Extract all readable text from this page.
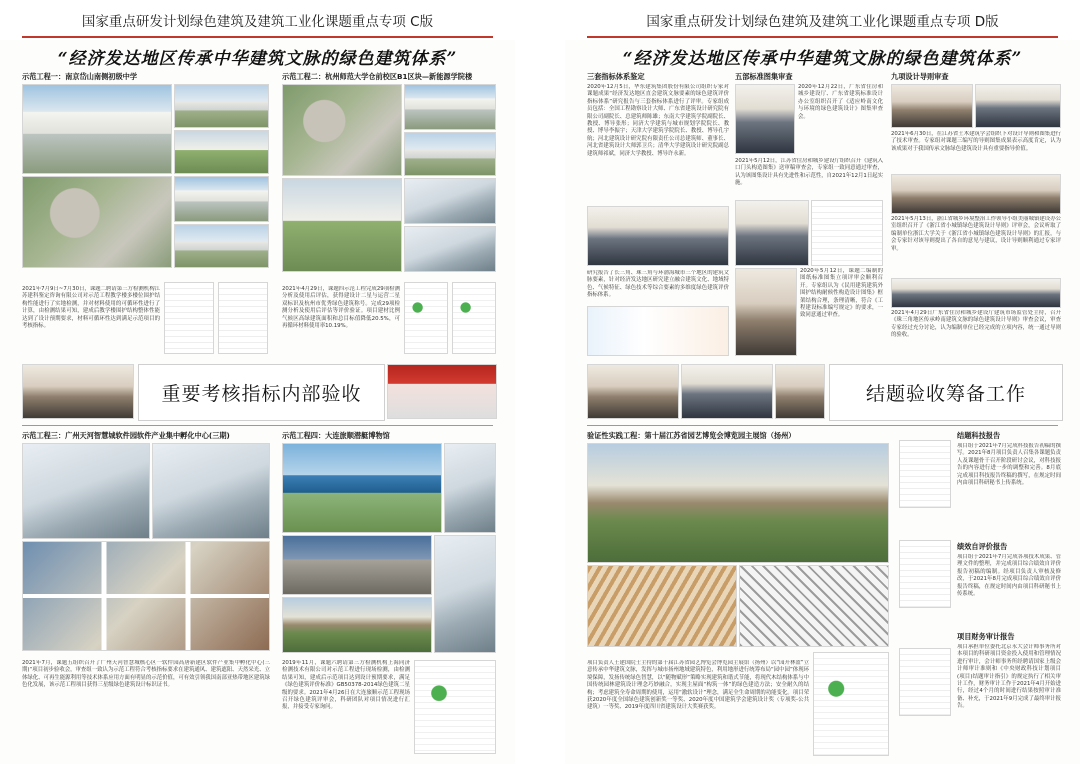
国家重点研发计划绿色建筑及建筑工业化课题重点专项 C版
“经济发达地区传承中华建筑文脉的绿色建筑体系”
示范工程一：南京岱山南侧初级中学
2021年7月9日~7月30日，课题二聘请第三方检测机构江苏建科鉴定咨询有限公司对示范工程教学楼多楼位围护结构性能进行了实地检测，并对材料使用的可循环性进行了计算，由检测结果可知，建成后教学楼围护结构整体性能达到了设计预期要求，材料可循环性达到满足示范项目的考核指标。
示范工程二：杭州师范大学仓前校区B1区块—新能源学院楼
2021年4月29日，课题四示范工程完成29项检测分析及使用后评估，获得建设计二星与运营二星双标识及杭州市优秀绿色建筑称号。完成29项检测分析及使用后评估等评价验证。项目建材比例气候区高绿建筑面积和总目标值降低20.5%，可再循环材料使用率10.19%。
重要考核指标内部验收
示范工程三：广州天河智慧城软件园软件产业集中孵化中心(三期)
2021年7月，课题五组织召开了广州天河智慧城核心区一软件园高唐新建区软件产业集中孵化中心(三期)“项目初步验收会，审查组一致认为示范工程符合考核指标要求在建筑通风、建筑遮阳、天然采光、立体绿化、可再生能源利用等技术体系应用方面有明显的示范价值，可有效引领我国南部亚热带地区建筑绿色化发展，该示范工程项目获得三星级绿色建筑设计标识证书。
示范工程四：大连旅顺潜艇博物馆
2019年11月，课题六聘请第三方检测机构上海同济检测技术有限公司对示范工程进行现场检测，由检测结果可知，建成后示范项目达到设计预期要求，满足《绿色建筑评价标准》GB50378-2014绿色建筑二星级的要求。2021年4月26日在大连旅顺示范工程现场召开绿色建筑评审会，科研团队对项目情况进行汇报，并接受专家询问。
国家重点研发计划绿色建筑及建筑工业化课题重点专项 D版
“经济发达地区传承中华建筑文脉的绿色建筑体系”
三套指标体系鉴定
2020年12月5日，华东建筑集团股份有限公司组织专家对课题成果“经济发达地区直会建筑文脉要素的绿色建筑评价指标体系”研究报告与三套指标体系进行了评审。专家组成员包括：全国工程勘察设计大师、广东省建筑设计研究院有限公司副院长、总建筑师陈雄；东南大学建筑学院副院长、教授、博导张彤；同济大学建筑与城市规划学院院长、教授、博导李振宇；天津大学建筑学院院长、教授、博导孔宇航；河北建筑设计研究院有限责任公司总建筑师、董事长、河北省建筑设计大师郭卫兵；清华大学建筑设计研究院副总建筑师祁斌，同济大学教授、博导许永新。
研究报告了长三角、珠三角与环渤海城市三个地区的建筑文脉要素，针对经济发达地区研究建立融合建筑文化、地域特色、气候特征、绿色技术等综合要素的多维度绿色建筑评价指标体系。
五部标准图集审查
2020年12月22日，广东省住房和城乡建设厅、广东省建筑标准设计办公室组织召开了《适应岭南文化与环境的绿色建筑设计》图集审查会。
2021年5月12日，江苏省住房和城乡建设厅组织召开《建筑入口门头构造图集》送审稿审查会，专家组一致同意通过审查，认为该图集设计具有先进性和示范性，自2021年12月1日起实施。
2020年5月12日，课题二编制的图纸标准图集立项评审会顺利召开。专家组认为《民用建筑建筑外围护结构耐候性构造设计图集》框架结构合理，条理清晰，符合《工程建设标准编写规定》的要求，一致同意通过审查。
九项设计导则审查
2021年6月30日，在江苏省土木建筑学会组织下对设计导则和图集进行了技术审查。专家组对课题三编写的导则图集成果表示高度肯定，认为该成果对于我国传承文脉绿色建筑设计具有重要指导价值。
2021年5月13日，浙江省城乡环境整治工作领导小组美丽城镇建设办公室组织召开了《浙江省小城镇绿色建筑设计导则》评审会，会议听取了编制单位浙江大学关于《浙江省小城镇绿色建筑设计导则》的汇报，与会专家针对该导则提出了各自的意见与建议，设计导则顺利通过专家评审。
2021年4月29日广东省住房和城乡建设厅建筑市场监管处主持，召开《珠三角地区传承岭南建筑文脉的绿色建筑设计导则》审查会议，审查专家经过充分讨论，认为编制单位已经完成的立项内容，统一通过导则的验收。
结题验收筹备工作
验证性实践工程：第十届江苏省园艺博览会博览园主展馆（扬州）
项目负责人王建国院士主持的第十届江苏省园艺博览会博览园主展馆（扬州）以“园开林盈”立意传承中华建筑文脉，发挥与城市扬州地域建筑特色，利用地形进行统筹布局“园中园”体现环境保障，发扬传统绿色智慧，以“随物赋形”策略实现建筑和谐式节能，将现代木结构体系与中国传统园林建筑设计理念巧妙融合，实现主屋面“构筑一体”的绿色建造方法；安全耐久的结构；考虑建筑全寿命周期的使用，运用“激软设计”理念，满足全生命周期的功能变化。项目荣获2020年度全国绿色建筑创新奖一等奖、2020年度中国建筑学会建筑设计奖（专项奖-公共建筑）一等奖、2019年度四川省建筑设计大奖赛获奖。
结题科技报告
项目组于2021年7月完成科技报告初稿的撰写。2021年8月项目负责人召集各课题负责人及课题骨干召开阶段研讨会议，对科技报告的内容进行进一步的调整和完善。8月底完成项目科技报告终稿的撰写，在规定时间内由项目科研秘书上传系统。
绩效自评价报告
项目组于2021年7月完成各项技术成果、管理文件的整理，并完成项目综合绩效自评价报告初稿的编制。经项目负责人审核及修改，于2021年8月完成项目综合绩效自评价报告终稿，在规定时间内由项目科研秘书上传系统。
项目财务审计报告
项目承担单位委托北京永大会计师事务所对本项目的科研项目资金投入使用和管理情况进行审计，会计师事务所经聘请国家上级会计师审计准则和《中央财政科技计划项目(项目)结题审计指引》的规定执行了相关审计工作，财务审计工作于2021年4月开始进行，经过4个月的时间进行结果按照审计准备、补充，于2021年9月完成了最终审计报告。
